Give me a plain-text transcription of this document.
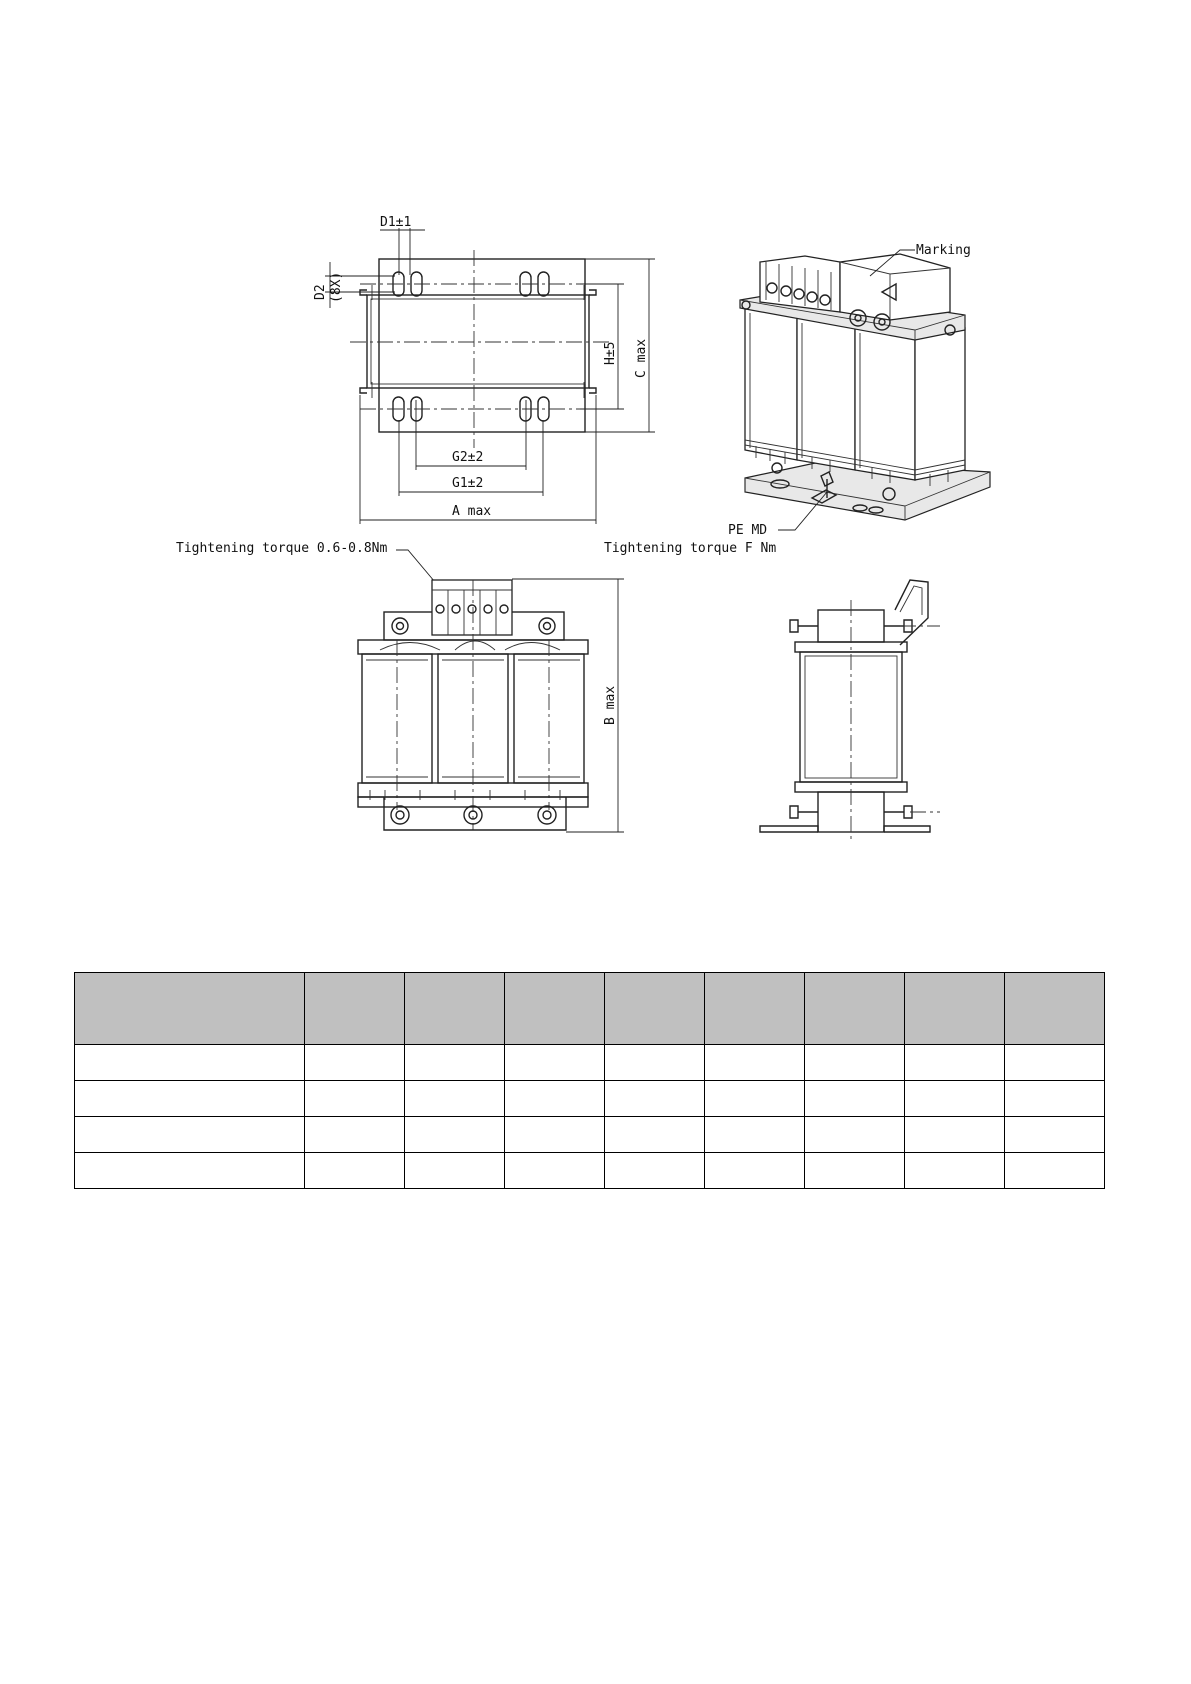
D1±1
D2 (8X)
H±5 C max
G2±2
G1±2
A max
Marking
PE MD
Tightening torque 0.6-0.8Nm	Tightening torque F Nm
B max
